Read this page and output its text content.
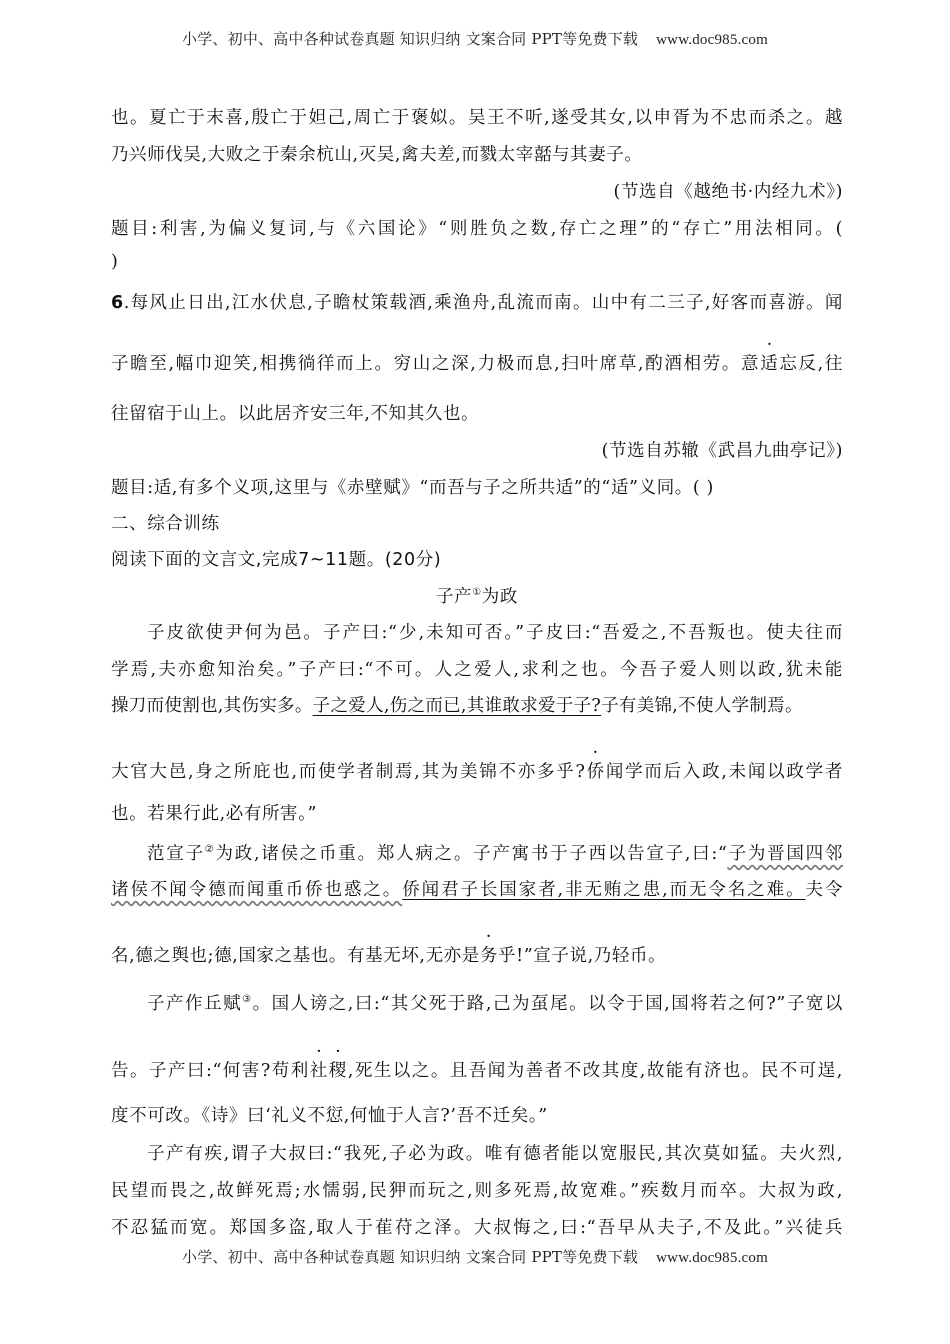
小学、初中、高中各种试卷真题 知识归纳 文案合同 PPT等免费下载 www.doc985.com
也。夏亡于末喜,殷亡于妲己,周亡于褒姒。吴王不听,遂受其女,以申胥为不忠而杀之。越
乃兴师伐吴,大败之于秦余杭山,灭吴,禽夫差,而戮太宰嚭与其妻子。
(节选自《越绝书·内经九术》)
题目:利害,为偏义复词,与《六国论》“则胜负之数,存亡之理”的“存亡”用法相同。(
)
6.每风止日出,江水伏息,子瞻杖策载酒,乘渔舟,乱流而南。山中有二三子,好客而喜游。闻
子瞻至,幅巾迎笑,相携徜徉而上。穷山之深,力极而息,扫叶席草,酌酒相劳。意适忘反,往
往留宿于山上。以此居齐安三年,不知其久也。
(节选自苏辙《武昌九曲亭记》)
题目:适,有多个义项,这里与《赤壁赋》“而吾与子之所共适”的“适”义同。( )
二、综合训练
阅读下面的文言文,完成7~11题。(20分)
子产①为政
子皮欲使尹何为邑。子产曰:“少,未知可否。”子皮曰:“吾爱之,不吾叛也。使夫往而
学焉,夫亦愈知治矣。”子产曰:“不可。人之爱人,求利之也。今吾子爱人则以政,犹未能
操刀而使割也,其伤实多。子之爱人,伤之而已,其谁敢求爱于子?子有美锦,不使人学制焉。
大官大邑,身之所庇也,而使学者制焉,其为美锦不亦多乎?侨闻学而后入政,未闻以政学者
也。若果行此,必有所害。”
范宣子②为政,诸侯之币重。郑人病之。子产寓书于子西以告宣子,曰:“子为晋国四邻
诸侯不闻令德而闻重币侨也惑之。侨闻君子长国家者,非无贿之患,而无令名之难。夫令
名,德之舆也;德,国家之基也。有基无坏,无亦是务乎!”宣子说,乃轻币。
子产作丘赋③。国人谤之,曰:“其父死于路,己为虿尾。以令于国,国将若之何?”子宽以
告。子产曰:“何害?苟利社稷,死生以之。且吾闻为善者不改其度,故能有济也。民不可逞,
度不可改。《诗》曰‘礼义不愆,何恤于人言?’吾不迁矣。”
子产有疾,谓子大叔曰:“我死,子必为政。唯有德者能以宽服民,其次莫如猛。夫火烈,
民望而畏之,故鲜死焉;水懦弱,民狎而玩之,则多死焉,故宽难。”疾数月而卒。大叔为政,
不忍猛而宽。郑国多盗,取人于萑苻之泽。大叔悔之,曰:“吾早从夫子,不及此。”兴徒兵
小学、初中、高中各种试卷真题 知识归纳 文案合同 PPT等免费下载 www.doc985.com
